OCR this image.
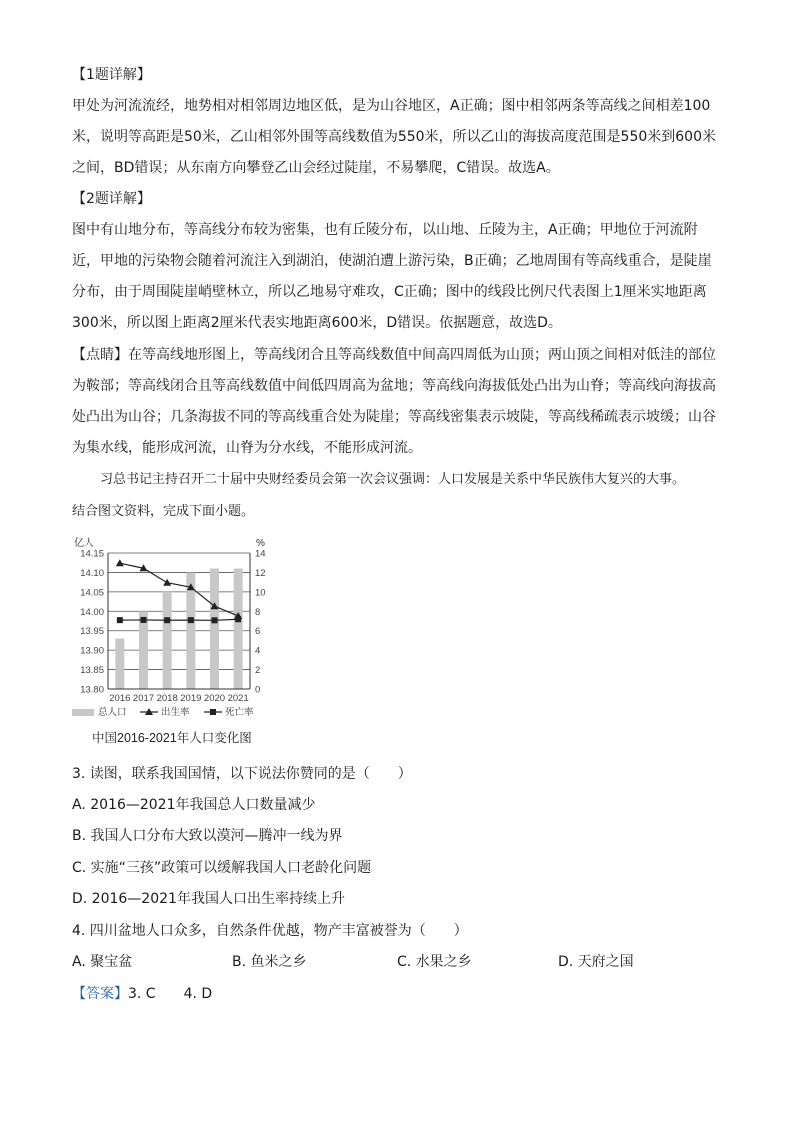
【1题详解】

甲处为河流流经，地势相对相邻周边地区低，是为山谷地区，A正确；图中相邻两条等高线之间相差100米，说明等高距是50米，乙山相邻外围等高线数值为550米，所以乙山的海拔高度范围是550米到600米之间，BD错误；从东南方向攀登乙山会经过陡崖，不易攀爬，C错误。故选A。

【2题详解】

图中有山地分布，等高线分布较为密集，也有丘陵分布，以山地、丘陵为主，A正确；甲地位于河流附近，甲地的污染物会随着河流注入到湖泊，使湖泊遭上游污染，B正确；乙地周围有等高线重合，是陡崖分布，由于周围陡崖峭壁林立，所以乙地易守难攻，C正确；图中的线段比例尺代表图上1厘米实地距离300米，所以图上距离2厘米代表实地距离600米，D错误。依据题意，故选D。

【点睛】在等高线地形图上，等高线闭合且等高线数值中间高四周低为山顶；两山顶之间相对低洼的部位为鞍部；等高线闭合且等高线数值中间低四周高为盆地；等高线向海拔低处凸出为山脊；等高线向海拔高处凸出为山谷；几条海拔不同的等高线重合处为陡崖；等高线密集表示坡陡，等高线稀疏表示坡缓；山谷为集水线，能形成河流，山脊为分水线，不能形成河流。

习总书记主持召开二十届中央财经委员会第一次会议强调：人口发展是关系中华民族伟大复兴的大事。

结合图文资料，完成下面小题。

亿人	%
14.15
14.10
14.05
14.00
13.95
13.90
13.85
13.80
14
12
10
8
6
4
2
0
2016 2017 2018 2019 2020 2021
总人口	出生率	死亡率
中国2016-2021年人口变化图

3. 读图，联系我国国情，以下说法你赞同的是（　　）

A. 2016—2021年我国总人口数量减少

B. 我国人口分布大致以漠河—腾冲一线为界

C. 实施“三孩”政策可以缓解我国人口老龄化问题

D. 2016—2021年我国人口出生率持续上升

4. 四川盆地人口众多，自然条件优越，物产丰富被誉为（　　）

A. 聚宝盆	B. 鱼米之乡	C. 水果之乡	D. 天府之国
【答案】3. C　　4. D
